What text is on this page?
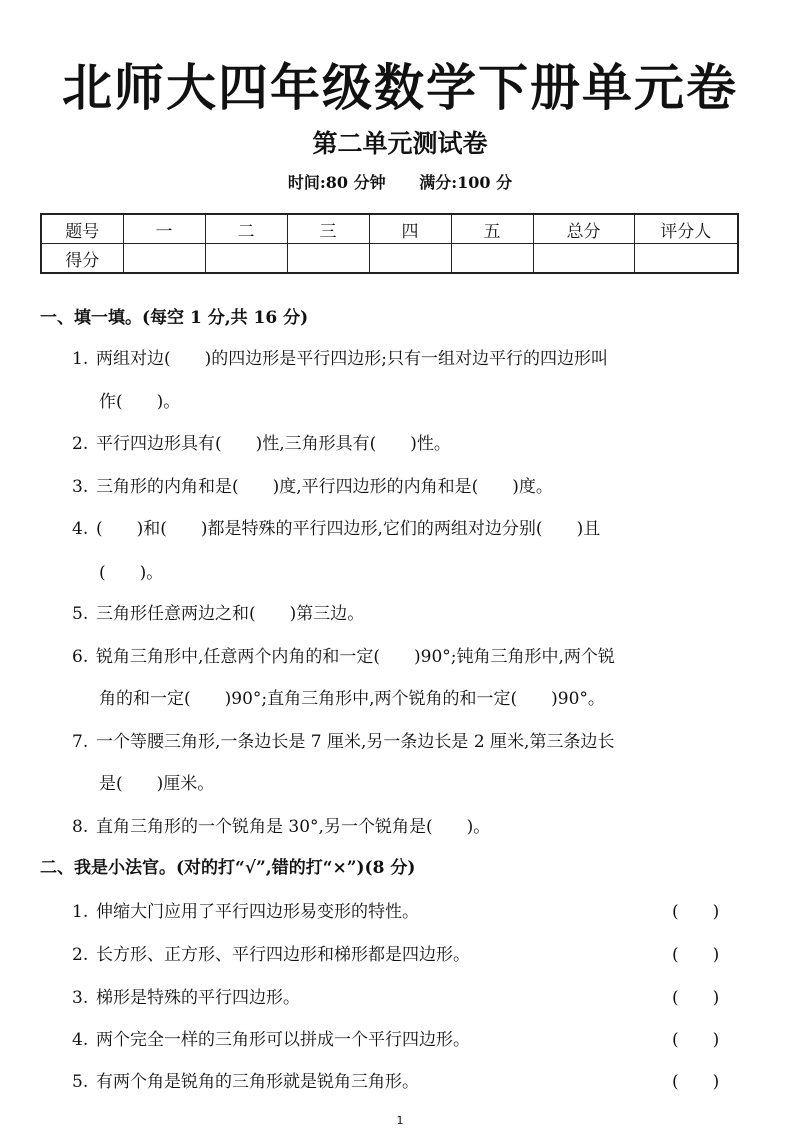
北师大四年级数学下册单元卷
第二单元测试卷
时间:80 分钟 满分:100 分
题号	一	二	三	四	五	总分	评分人
得分							
一、填一填。(每空 1 分,共 16 分)
1. 两组对边(　　)的四边形是平行四边形;只有一组对边平行的四边形叫
作(　　)。
2. 平行四边形具有(　　)性,三角形具有(　　)性。
3. 三角形的内角和是(　　)度,平行四边形的内角和是(　　)度。
4. (　　)和(　　)都是特殊的平行四边形,它们的两组对边分别(　　)且
(　　)。
5. 三角形任意两边之和(　　)第三边。
6. 锐角三角形中,任意两个内角的和一定(　　)90°;钝角三角形中,两个锐
角的和一定(　　)90°;直角三角形中,两个锐角的和一定(　　)90°。
7. 一个等腰三角形,一条边长是 7 厘米,另一条边长是 2 厘米,第三条边长
是(　　)厘米。
8. 直角三角形的一个锐角是 30°,另一个锐角是(　　)。
二、我是小法官。(对的打“√”,错的打“×”)(8 分)
1. 伸缩大门应用了平行四边形易变形的特性。	(　　)
2. 长方形、正方形、平行四边形和梯形都是四边形。	(　　)
3. 梯形是特殊的平行四边形。	(　　)
4. 两个完全一样的三角形可以拼成一个平行四边形。	(　　)
5. 有两个角是锐角的三角形就是锐角三角形。	(　　)
1
